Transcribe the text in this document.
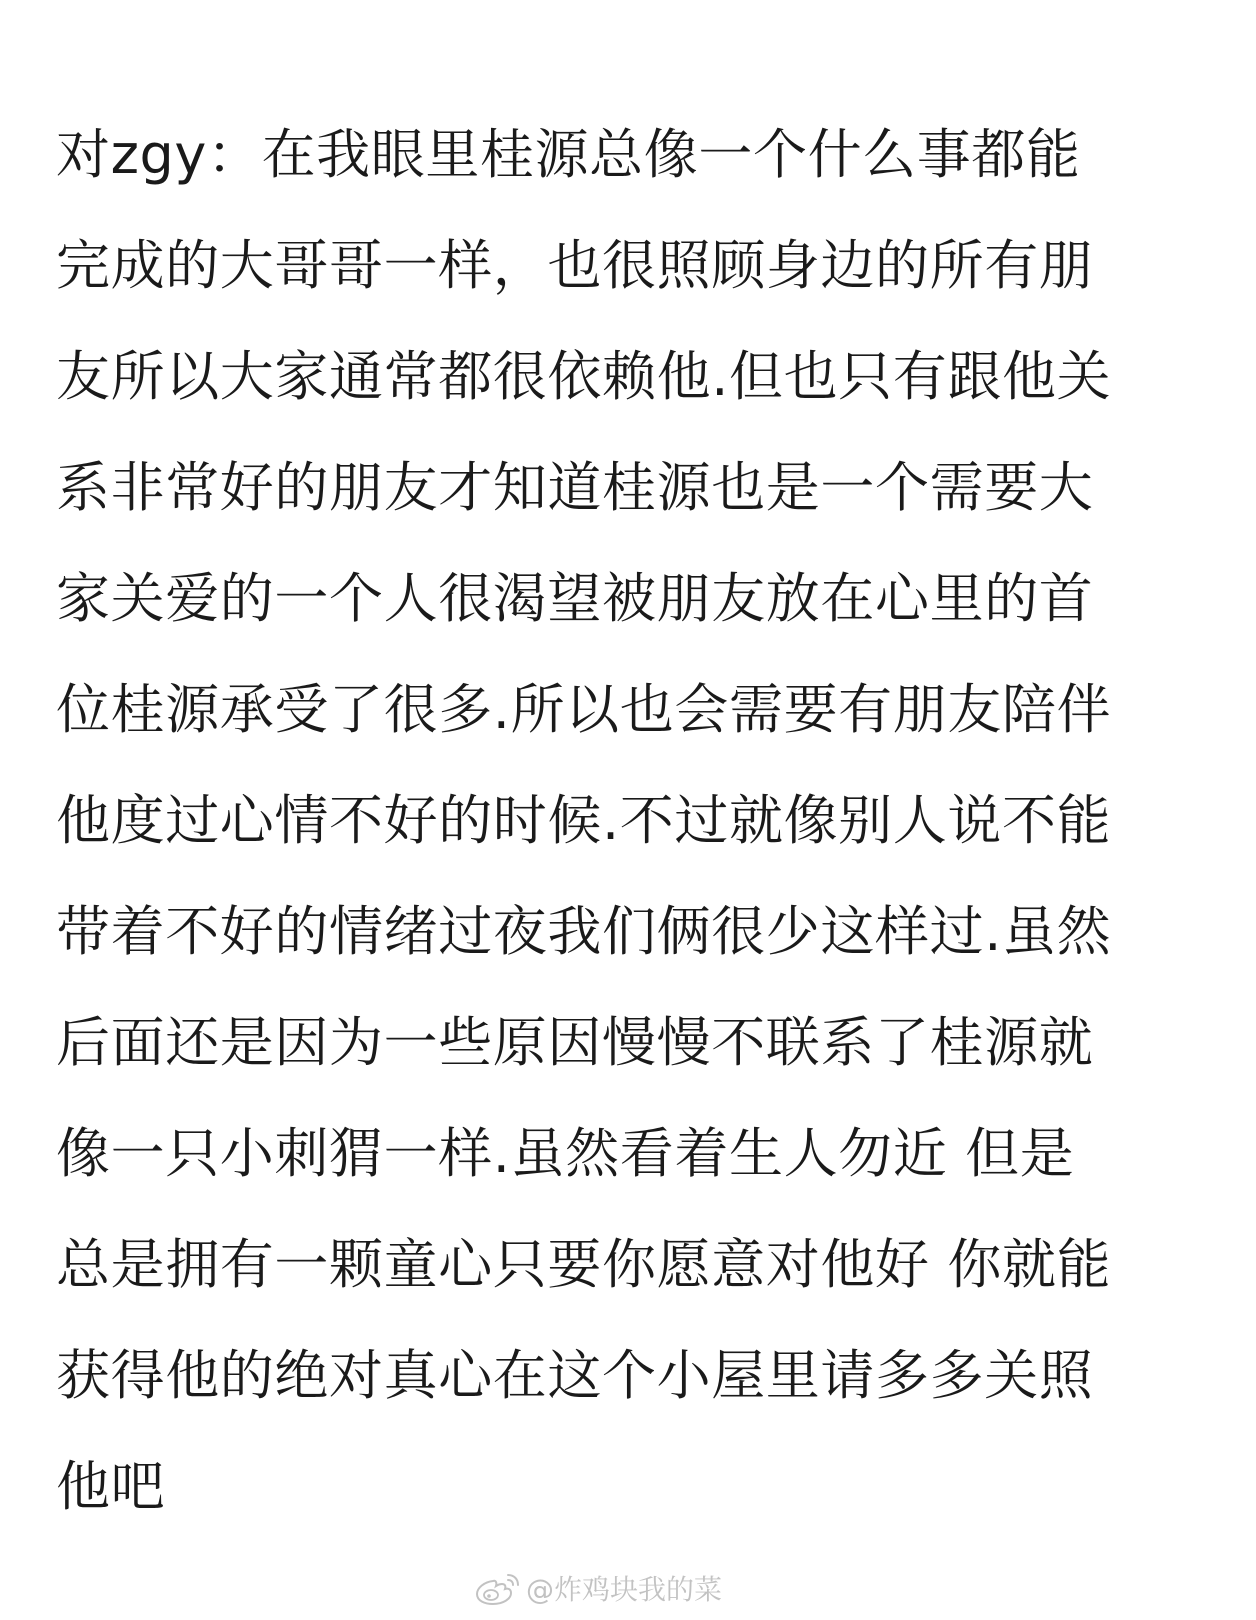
对zgy：在我眼里桂源总像一个什么事都能
完成的大哥哥一样，也很照顾身边的所有朋
友所以大家通常都很依赖他.但也只有跟他关
系非常好的朋友才知道桂源也是一个需要大
家关爱的一个人很渴望被朋友放在心里的首
位桂源承受了很多.所以也会需要有朋友陪伴
他度过心情不好的时候.不过就像别人说不能
带着不好的情绪过夜我们俩很少这样过.虽然
后面还是因为一些原因慢慢不联系了桂源就
像一只小刺猬一样.虽然看着生人勿近 但是
总是拥有一颗童心只要你愿意对他好 你就能
获得他的绝对真心在这个小屋里请多多关照
他吧
@炸鸡块我的菜
